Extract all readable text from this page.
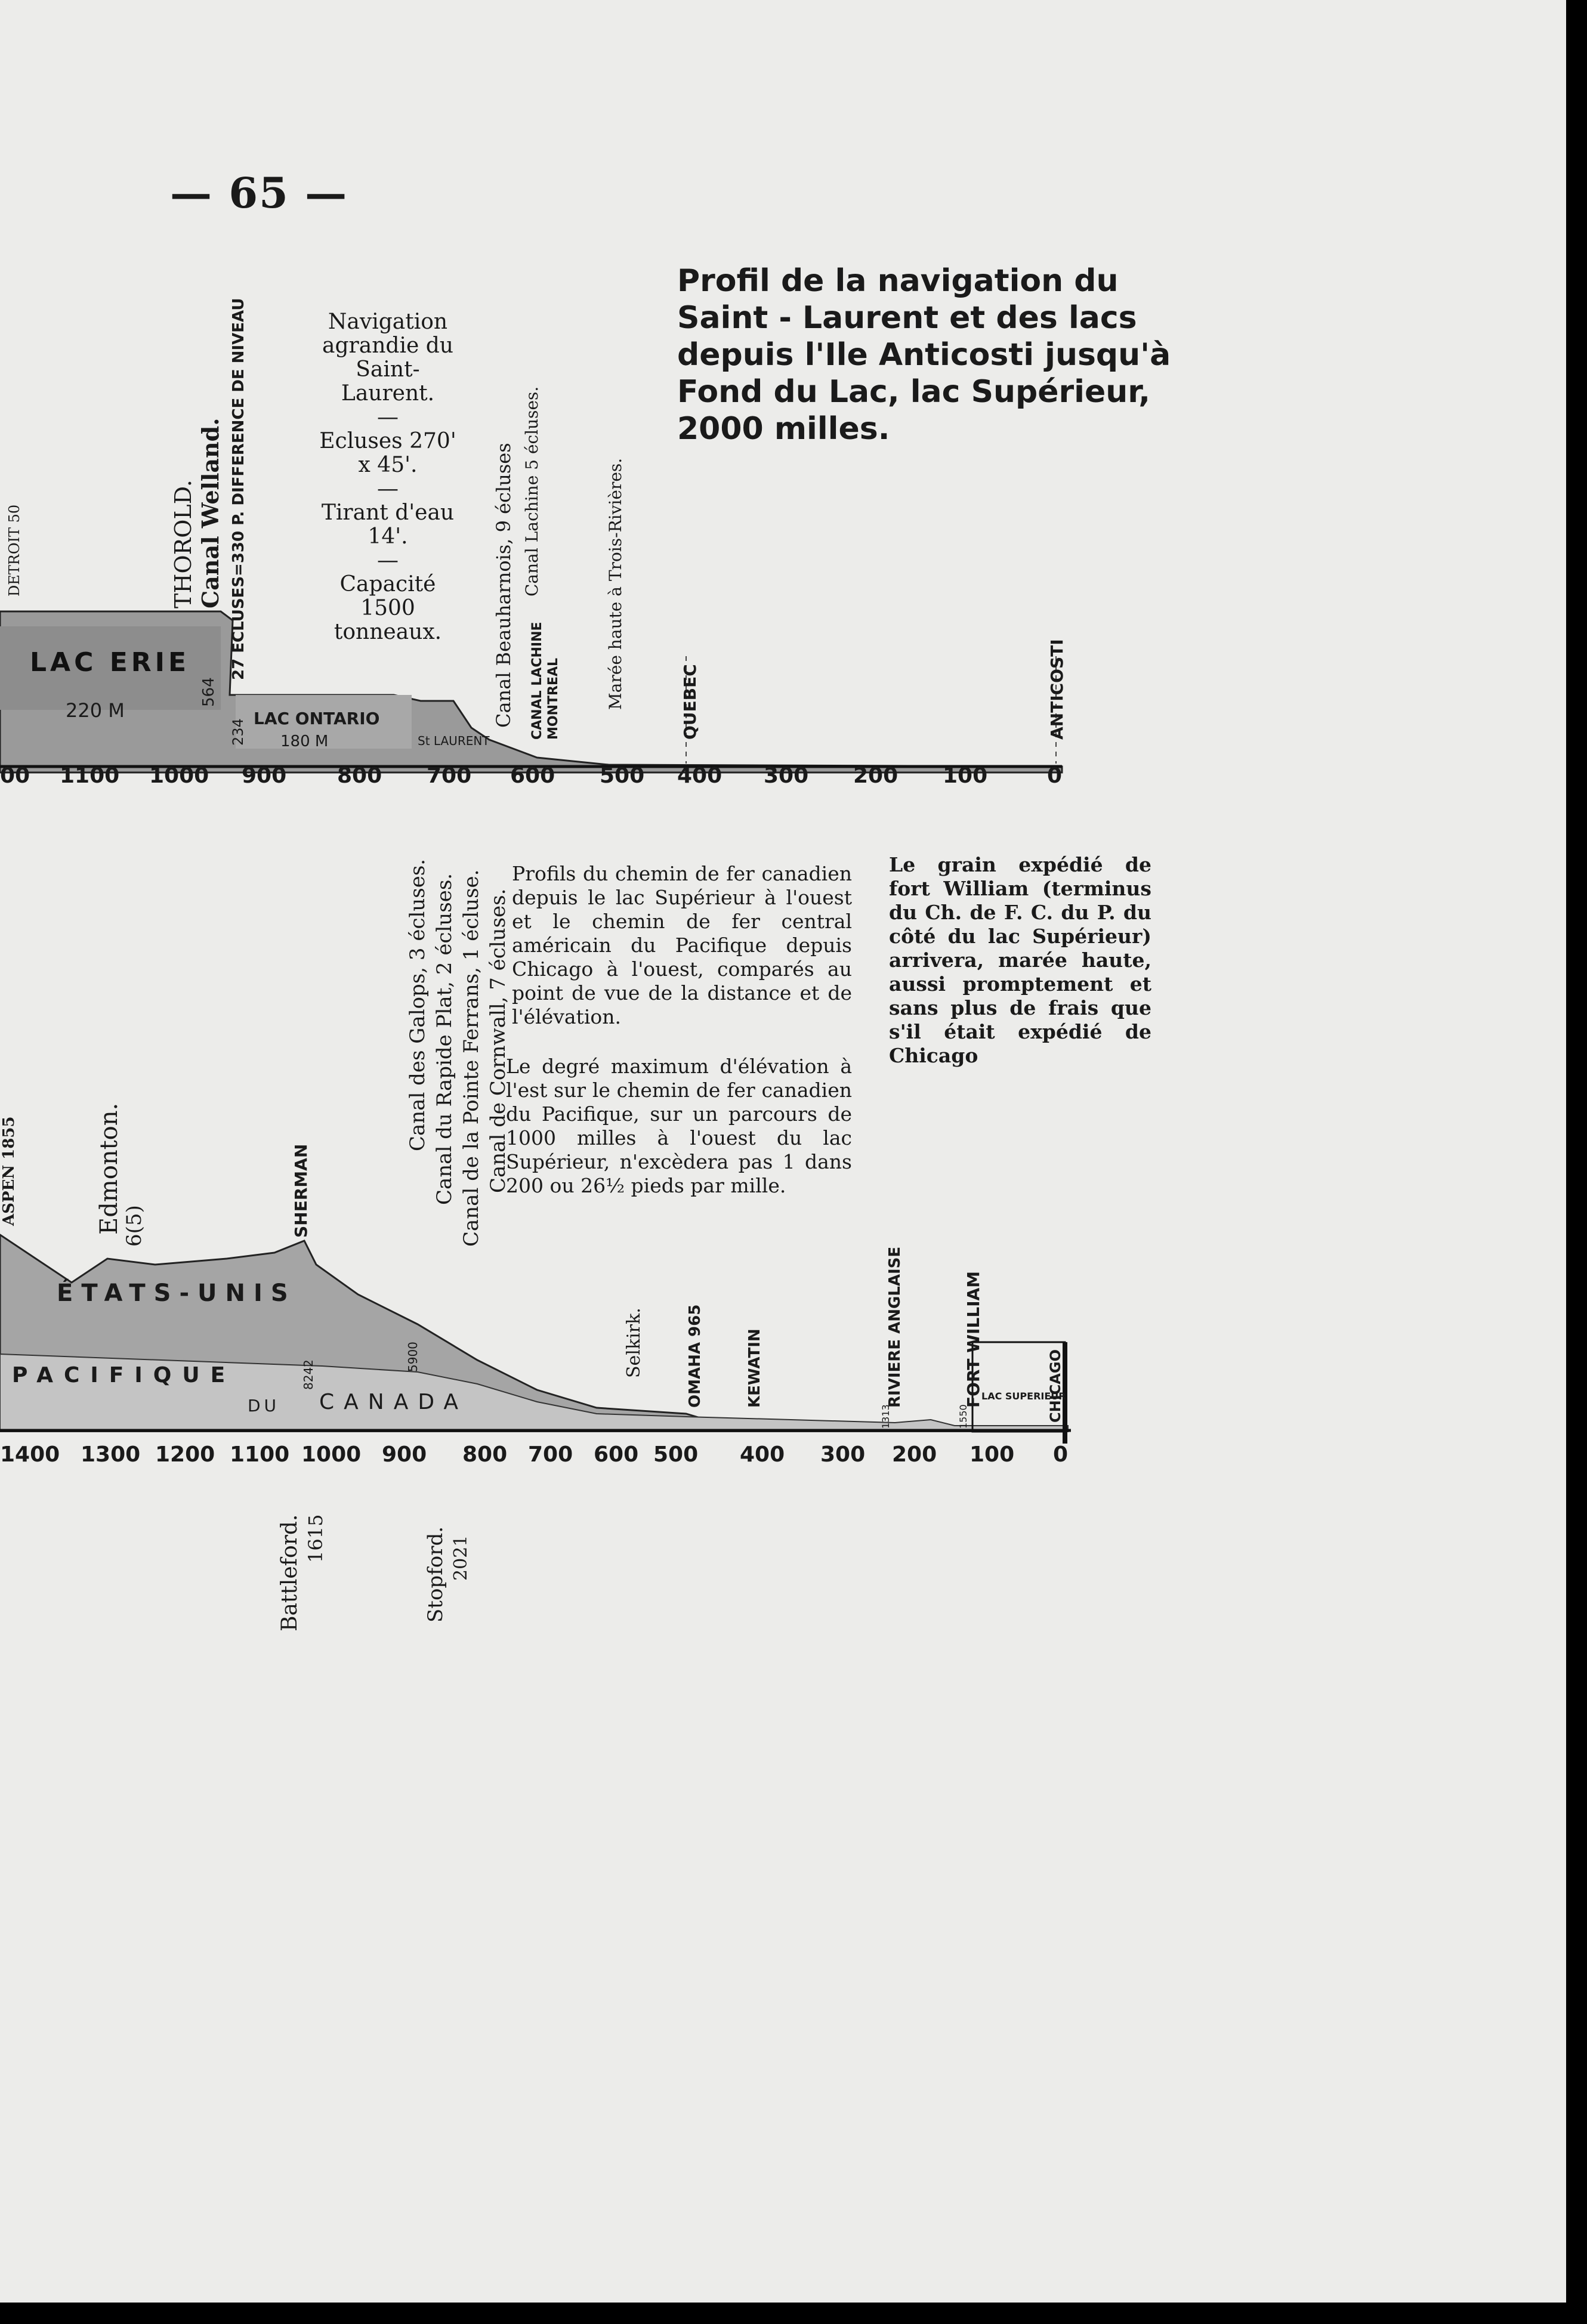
— 65 —
Profil de la navigation du Saint - Laurent et des lacs depuis l'Ile Anticosti jusqu'à Fond du Lac, lac Supérieur, 2000 milles.
Navigation agrandie du Saint-Laurent.
—
Ecluses 270' x 45'.
—
Tirant d'eau 14'.
—
Capacité 1500 tonneaux.
THOROLD. Canal Welland. 27 ECLUSES=330 P. DIFFERENCE DE NIVEAU
DETROIT 50
LAC ERIE
220 M
564
234 LAC ONTARIO
180 M	St LAURENT
Canal Beauharnois, 9 écluses Canal Lachine 5 écluses.
CANAL LACHINE MONTREAL	Marée haute à Trois-Rivières.	QUEBEC	ANTICOSTI
00 1100 1000 900 800 700 600 500 400 300 200 100	0
Canal des Galops, 3 écluses. Canal du Rapide Plat, 2 écluses. Canal de la Pointe Ferrans, 1 écluse. Canal de Cornwall, 7 écluses.
Profils du chemin de fer canadien depuis le lac Supérieur à l'ouest et le chemin de fer central américain du Pacifique depuis Chicago à l'ouest, comparés au point de vue de la distance et de l'élévation.
Le degré maximum d'élévation à l'est sur le chemin de fer canadien du Pacifique, sur un parcours de 1000 milles à l'ouest du lac Supérieur, n'excèdera pas 1 dans 200 ou 26½ pieds par mille.
Le grain expédié de fort William (terminus du Ch. de F. C. du P. du côté du lac Supérieur) arrivera, marée haute, aussi promptement et sans plus de frais que s'il était expédié de Chicago
ASPEN 1855	Edmonton. 6(5)	SHERMAN
ÉTATS-UNIS
PACIFIQUE
DU CANADA
8242
5900	Selkirk.	OMAHA 965	KEWATIN	RIVIERE ANGLAISE	FORT WILLIAM
LAC SUPERIEUR
CHICAGO
1313	1550
1400 1300 1200 1100 1000 900 800 700 600 500 400 300 200 100 0
Battleford. 1615	Stopford. 2021
